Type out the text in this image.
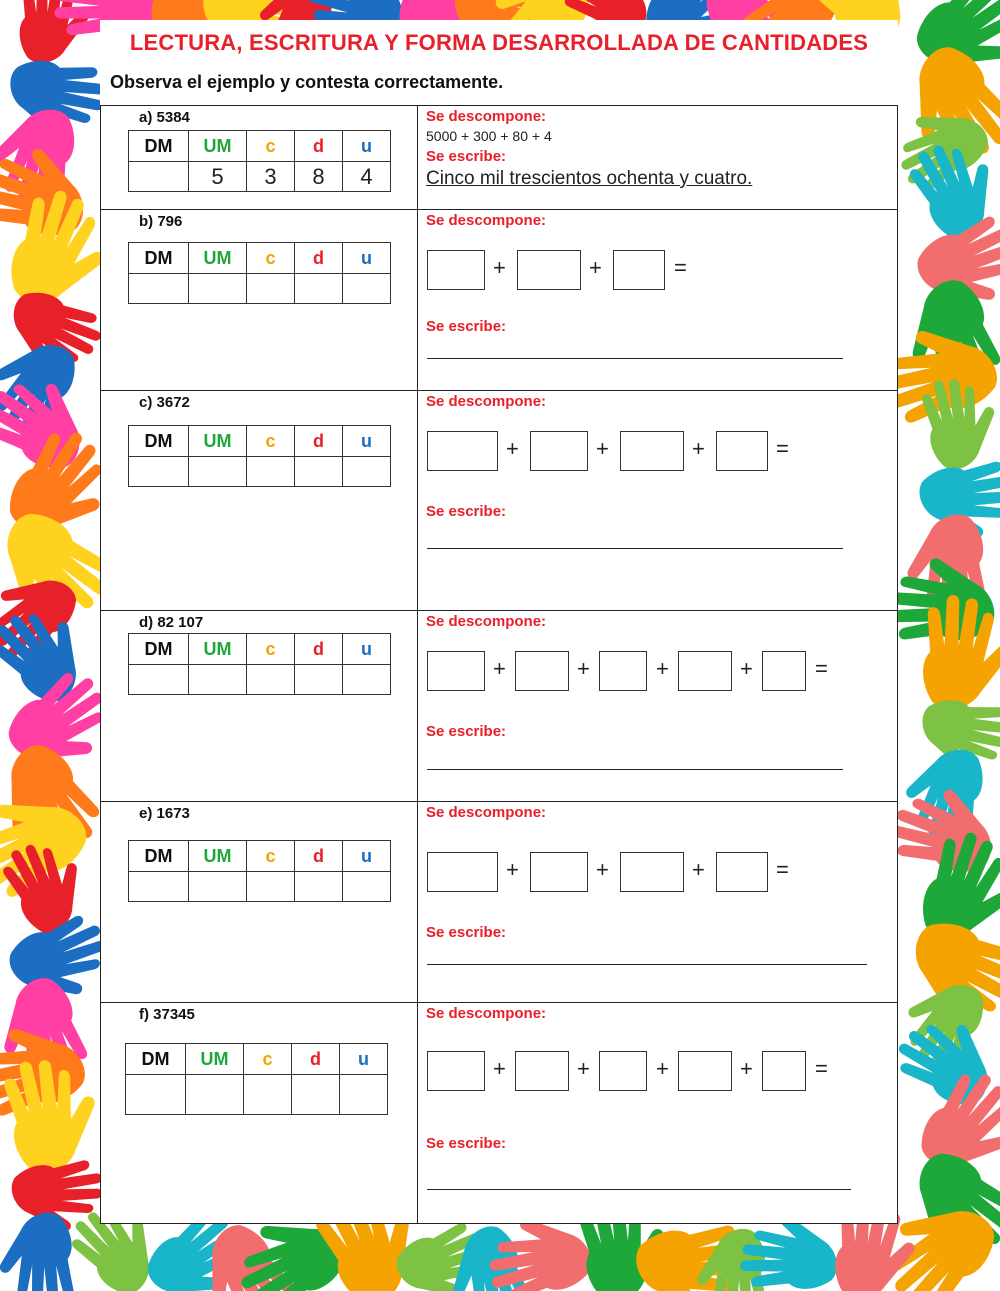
LECTURA, ESCRITURA Y FORMA DESARROLLADA DE CANTIDADES
Observa el ejemplo y contesta correctamente.
a) 5384
DM	UM	c	d	u
	5	3	8	4
Se descompone:
5000 + 300 + 80 + 4
Se escribe:
Cinco mil trescientos ochenta y cuatro.
b) 796
DM	UM	c	d	u

Se descompone:
+	+	=
Se escribe:
c) 3672
DM	UM	c	d	u

Se descompone:
+	+	+	=
Se escribe:
d) 82 107
DM	UM	c	d	u

Se descompone:
+	+	+	+	=
Se escribe:
e) 1673
DM	UM	c	d	u

Se descompone:
+	+	+	=
Se escribe:
f) 37345
DM	UM	c	d	u

Se descompone:
+	+	+	+	=
Se escribe:
